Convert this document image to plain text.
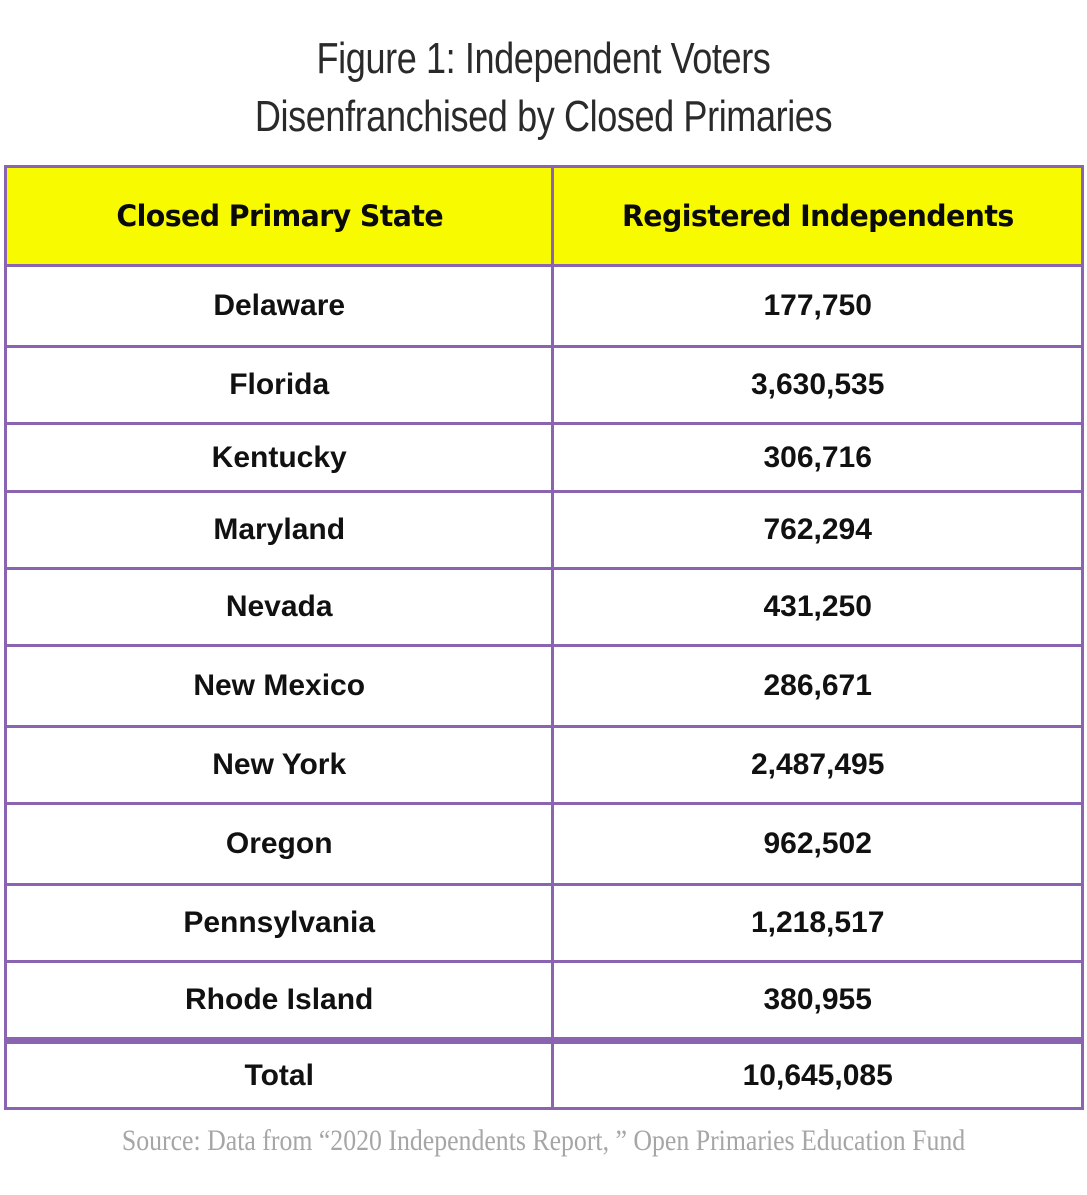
Figure 1: Independent Voters
Disenfranchised by Closed Primaries
Closed Primary State	Registered Independents
Delaware	177,750
Florida	3,630,535
Kentucky	306,716
Maryland	762,294
Nevada	431,250
New Mexico	286,671
New York	2,487,495
Oregon	962,502
Pennsylvania	1,218,517
Rhode Island	380,955
Total	10,645,085
Source: Data from “2020 Independents Report, ” Open Primaries Education Fund
